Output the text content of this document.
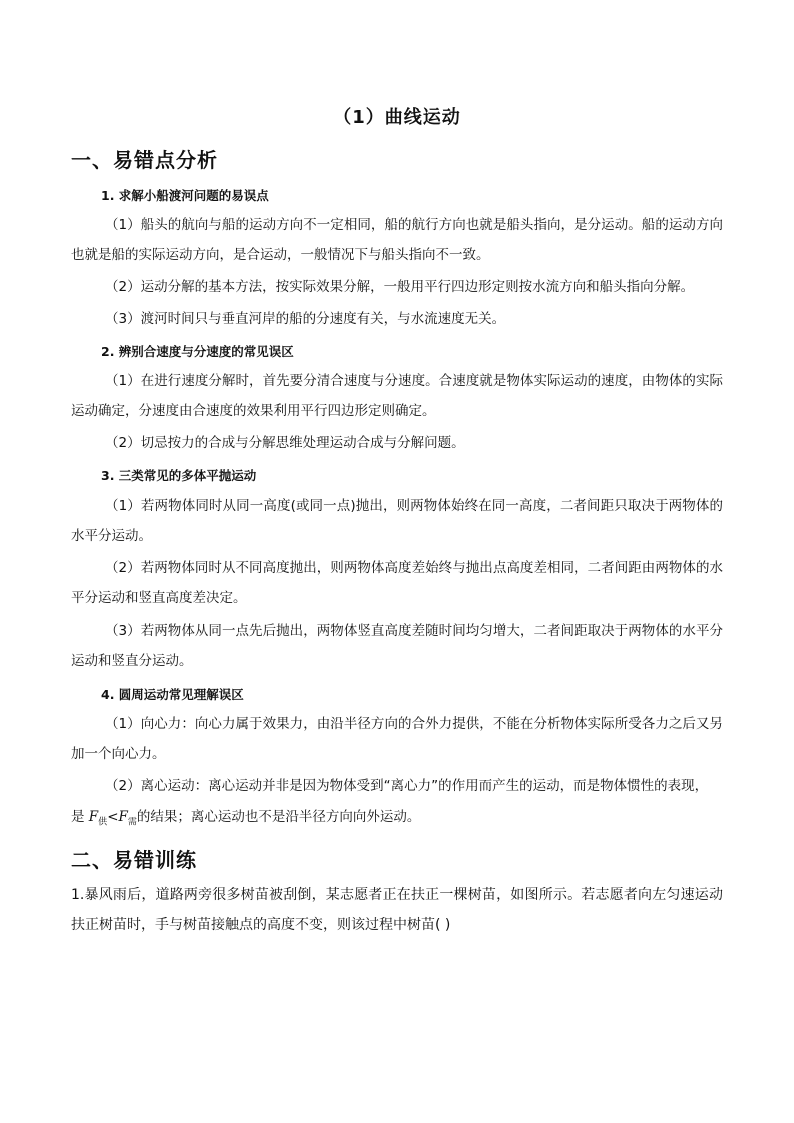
（1）曲线运动
一、易错点分析
1. 求解小船渡河问题的易误点
（1）船头的航向与船的运动方向不一定相同，船的航行方向也就是船头指向，是分运动。船的运动方向也就是船的实际运动方向，是合运动，一般情况下与船头指向不一致。
（2）运动分解的基本方法，按实际效果分解，一般用平行四边形定则按水流方向和船头指向分解。
（3）渡河时间只与垂直河岸的船的分速度有关，与水流速度无关。
2. 辨别合速度与分速度的常见误区
（1）在进行速度分解时，首先要分清合速度与分速度。合速度就是物体实际运动的速度，由物体的实际运动确定，分速度由合速度的效果利用平行四边形定则确定。
（2）切忌按力的合成与分解思维处理运动合成与分解问题。
3. 三类常见的多体平抛运动
（1）若两物体同时从同一高度(或同一点)抛出，则两物体始终在同一高度，二者间距只取决于两物体的水平分运动。
（2）若两物体同时从不同高度抛出，则两物体高度差始终与抛出点高度差相同，二者间距由两物体的水平分运动和竖直高度差决定。
（3）若两物体从同一点先后抛出，两物体竖直高度差随时间均匀增大，二者间距取决于两物体的水平分运动和竖直分运动。
4. 圆周运动常见理解误区
（1）向心力：向心力属于效果力，由沿半径方向的合外力提供，不能在分析物体实际所受各力之后又另加一个向心力。
（2）离心运动：离心运动并非是因为物体受到“离心力”的作用而产生的运动，而是物体惯性的表现，
是 $F_供<F_需$的结果；离心运动也不是沿半径方向向外运动。
二、易错训练
1.暴风雨后，道路两旁很多树苗被刮倒，某志愿者正在扶正一棵树苗，如图所示。若志愿者向左匀速运动扶正树苗时，手与树苗接触点的高度不变，则该过程中树苗( )
